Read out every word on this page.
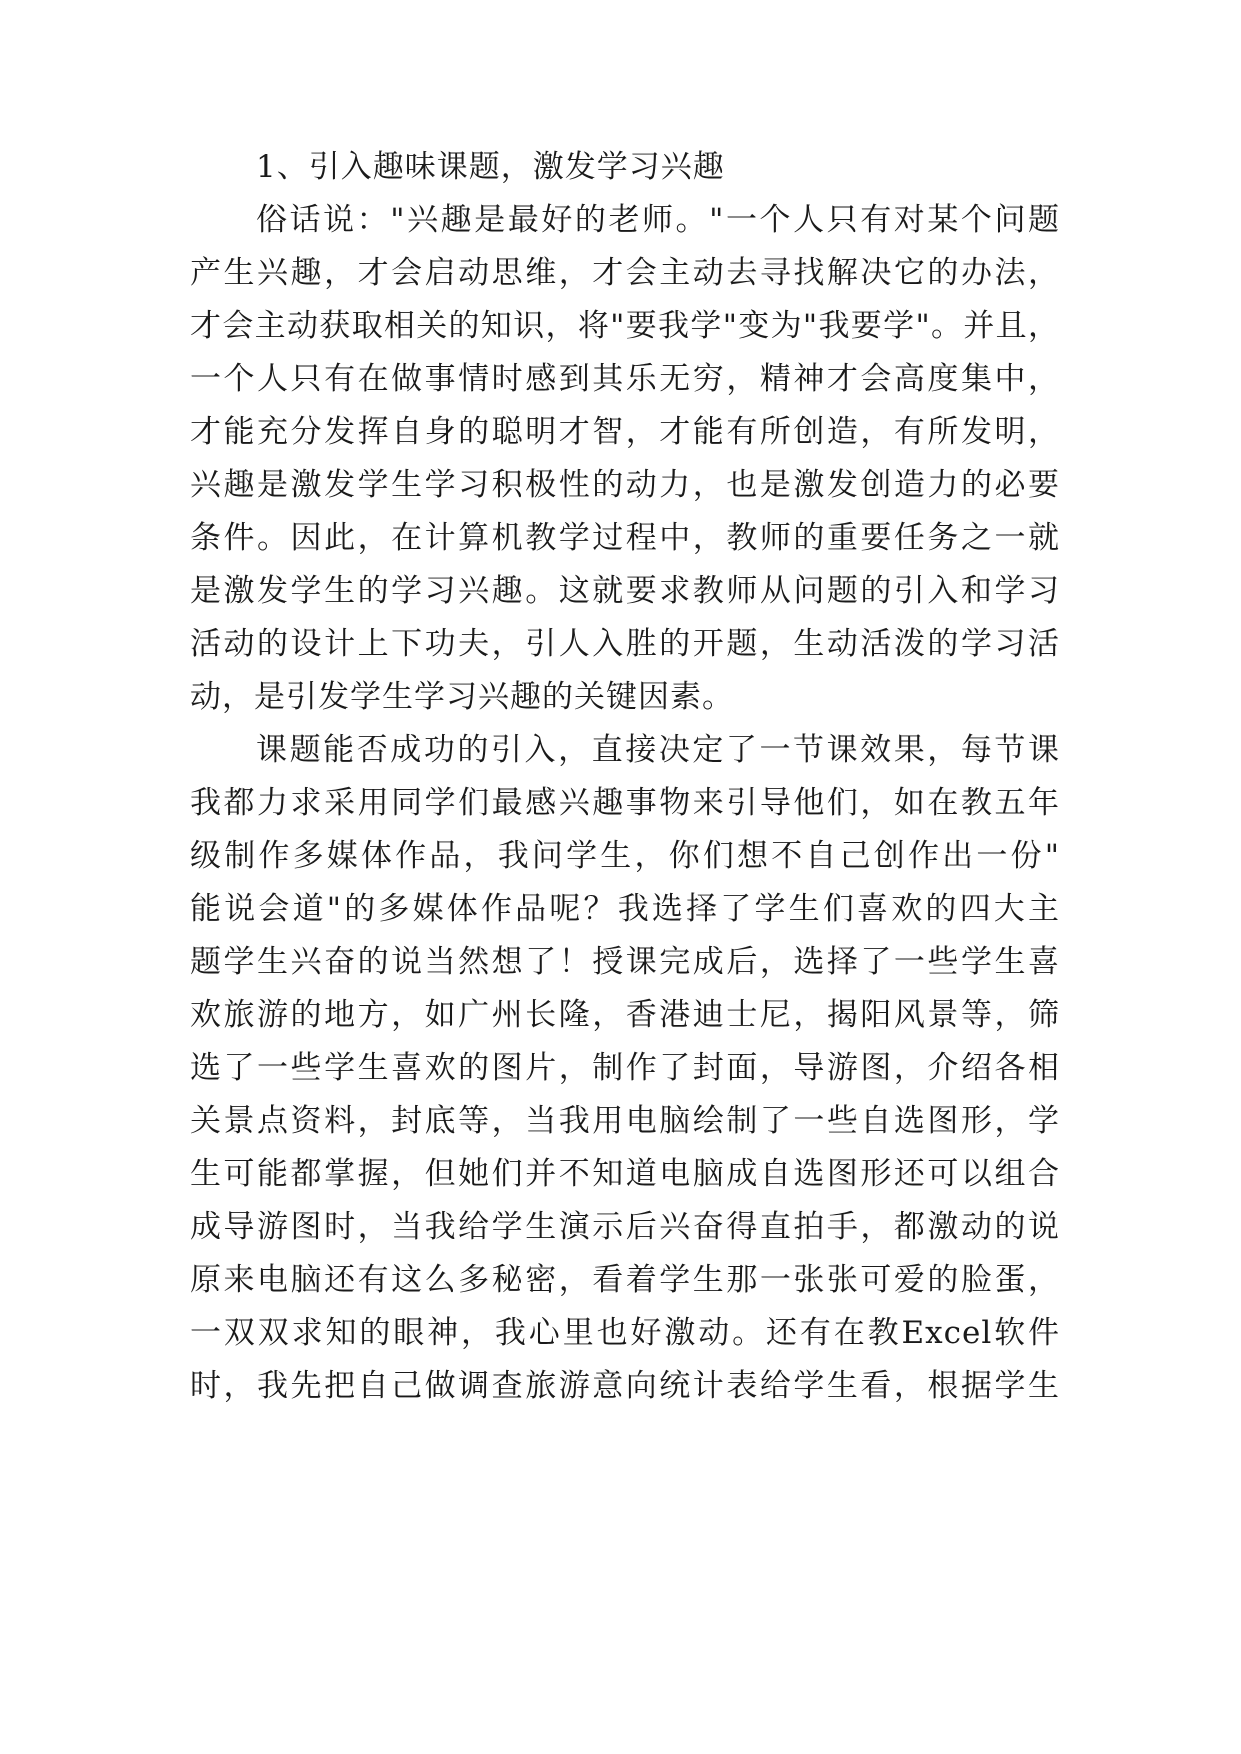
1、引入趣味课题，激发学习兴趣
俗话说："兴趣是最好的老师。"一个人只有对某个问题
产生兴趣，才会启动思维，才会主动去寻找解决它的办法，
才会主动获取相关的知识，将"要我学"变为"我要学"。并且，
一个人只有在做事情时感到其乐无穷，精神才会高度集中，
才能充分发挥自身的聪明才智，才能有所创造，有所发明，
兴趣是激发学生学习积极性的动力，也是激发创造力的必要
条件。因此，在计算机教学过程中，教师的重要任务之一就
是激发学生的学习兴趣。这就要求教师从问题的引入和学习
活动的设计上下功夫，引人入胜的开题，生动活泼的学习活
动，是引发学生学习兴趣的关键因素。
课题能否成功的引入，直接决定了一节课效果，每节课
我都力求采用同学们最感兴趣事物来引导他们，如在教五年
级制作多媒体作品，我问学生，你们想不自己创作出一份"
能说会道"的多媒体作品呢？我选择了学生们喜欢的四大主
题学生兴奋的说当然想了！授课完成后，选择了一些学生喜
欢旅游的地方，如广州长隆，香港迪士尼，揭阳风景等，筛
选了一些学生喜欢的图片，制作了封面，导游图，介绍各相
关景点资料，封底等，当我用电脑绘制了一些自选图形，学
生可能都掌握，但她们并不知道电脑成自选图形还可以组合
成导游图时，当我给学生演示后兴奋得直拍手，都激动的说
原来电脑还有这么多秘密，看着学生那一张张可爱的脸蛋，
一双双求知的眼神，我心里也好激动。还有在教Excel软件
时，我先把自己做调查旅游意向统计表给学生看，根据学生
